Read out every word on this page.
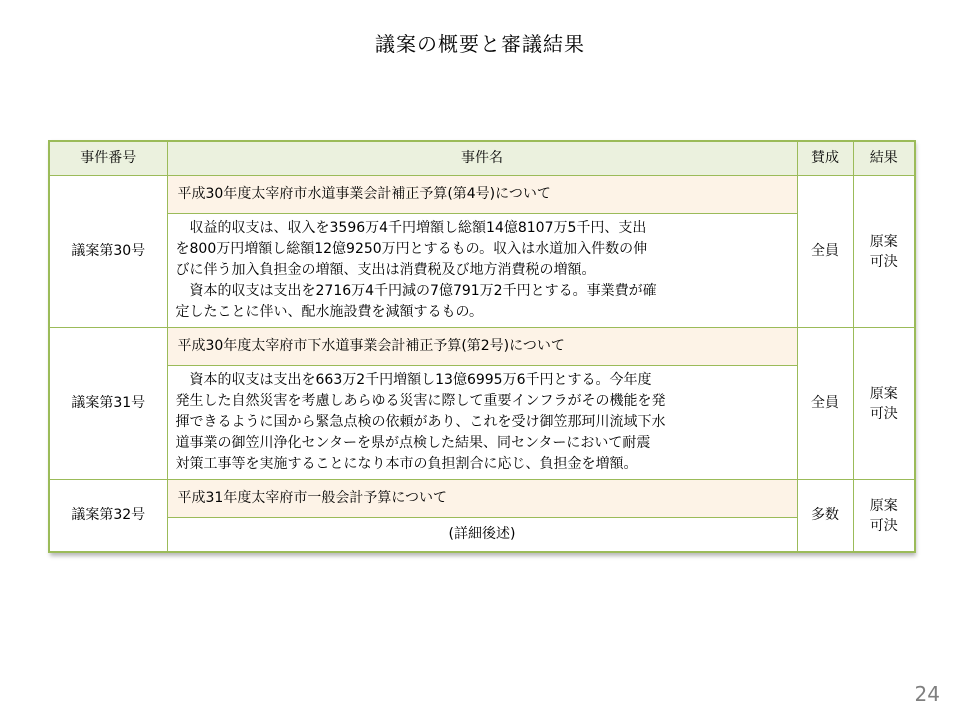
議案の概要と審議結果
事件番号	事件名	賛成	結果
議案第30号	平成30年度太宰府市水道事業会計補正予算(第4号)について	全員	原案
可決

	　収益的収支は、収入を3596万4千円増額し総額14億8107万5千円、支出
を800万円増額し総額12億9250万円とするもの。収入は水道加入件数の伸
びに伴う加入負担金の増額、支出は消費税及び地方消費税の増額。
　資本的収支は支出を2716万4千円減の7億791万2千円とする。事業費が確
定したことに伴い、配水施設費を減額するもの。		

議案第31号	平成30年度太宰府市下水道事業会計補正予算(第2号)について	全員	原案
可決

	　資本的収支は支出を663万2千円増額し13億6995万6千円とする。今年度
発生した自然災害を考慮しあらゆる災害に際して重要インフラがその機能を発
揮できるように国から緊急点検の依頼があり、これを受け御笠那珂川流域下水
道事業の御笠川浄化センターを県が点検した結果、同センターにおいて耐震
対策工事等を実施することになり本市の負担割合に応じ、負担金を増額。		

議案第32号	平成31年度太宰府市一般会計予算について	多数	原案
可決

	(詳細後述)		
24
